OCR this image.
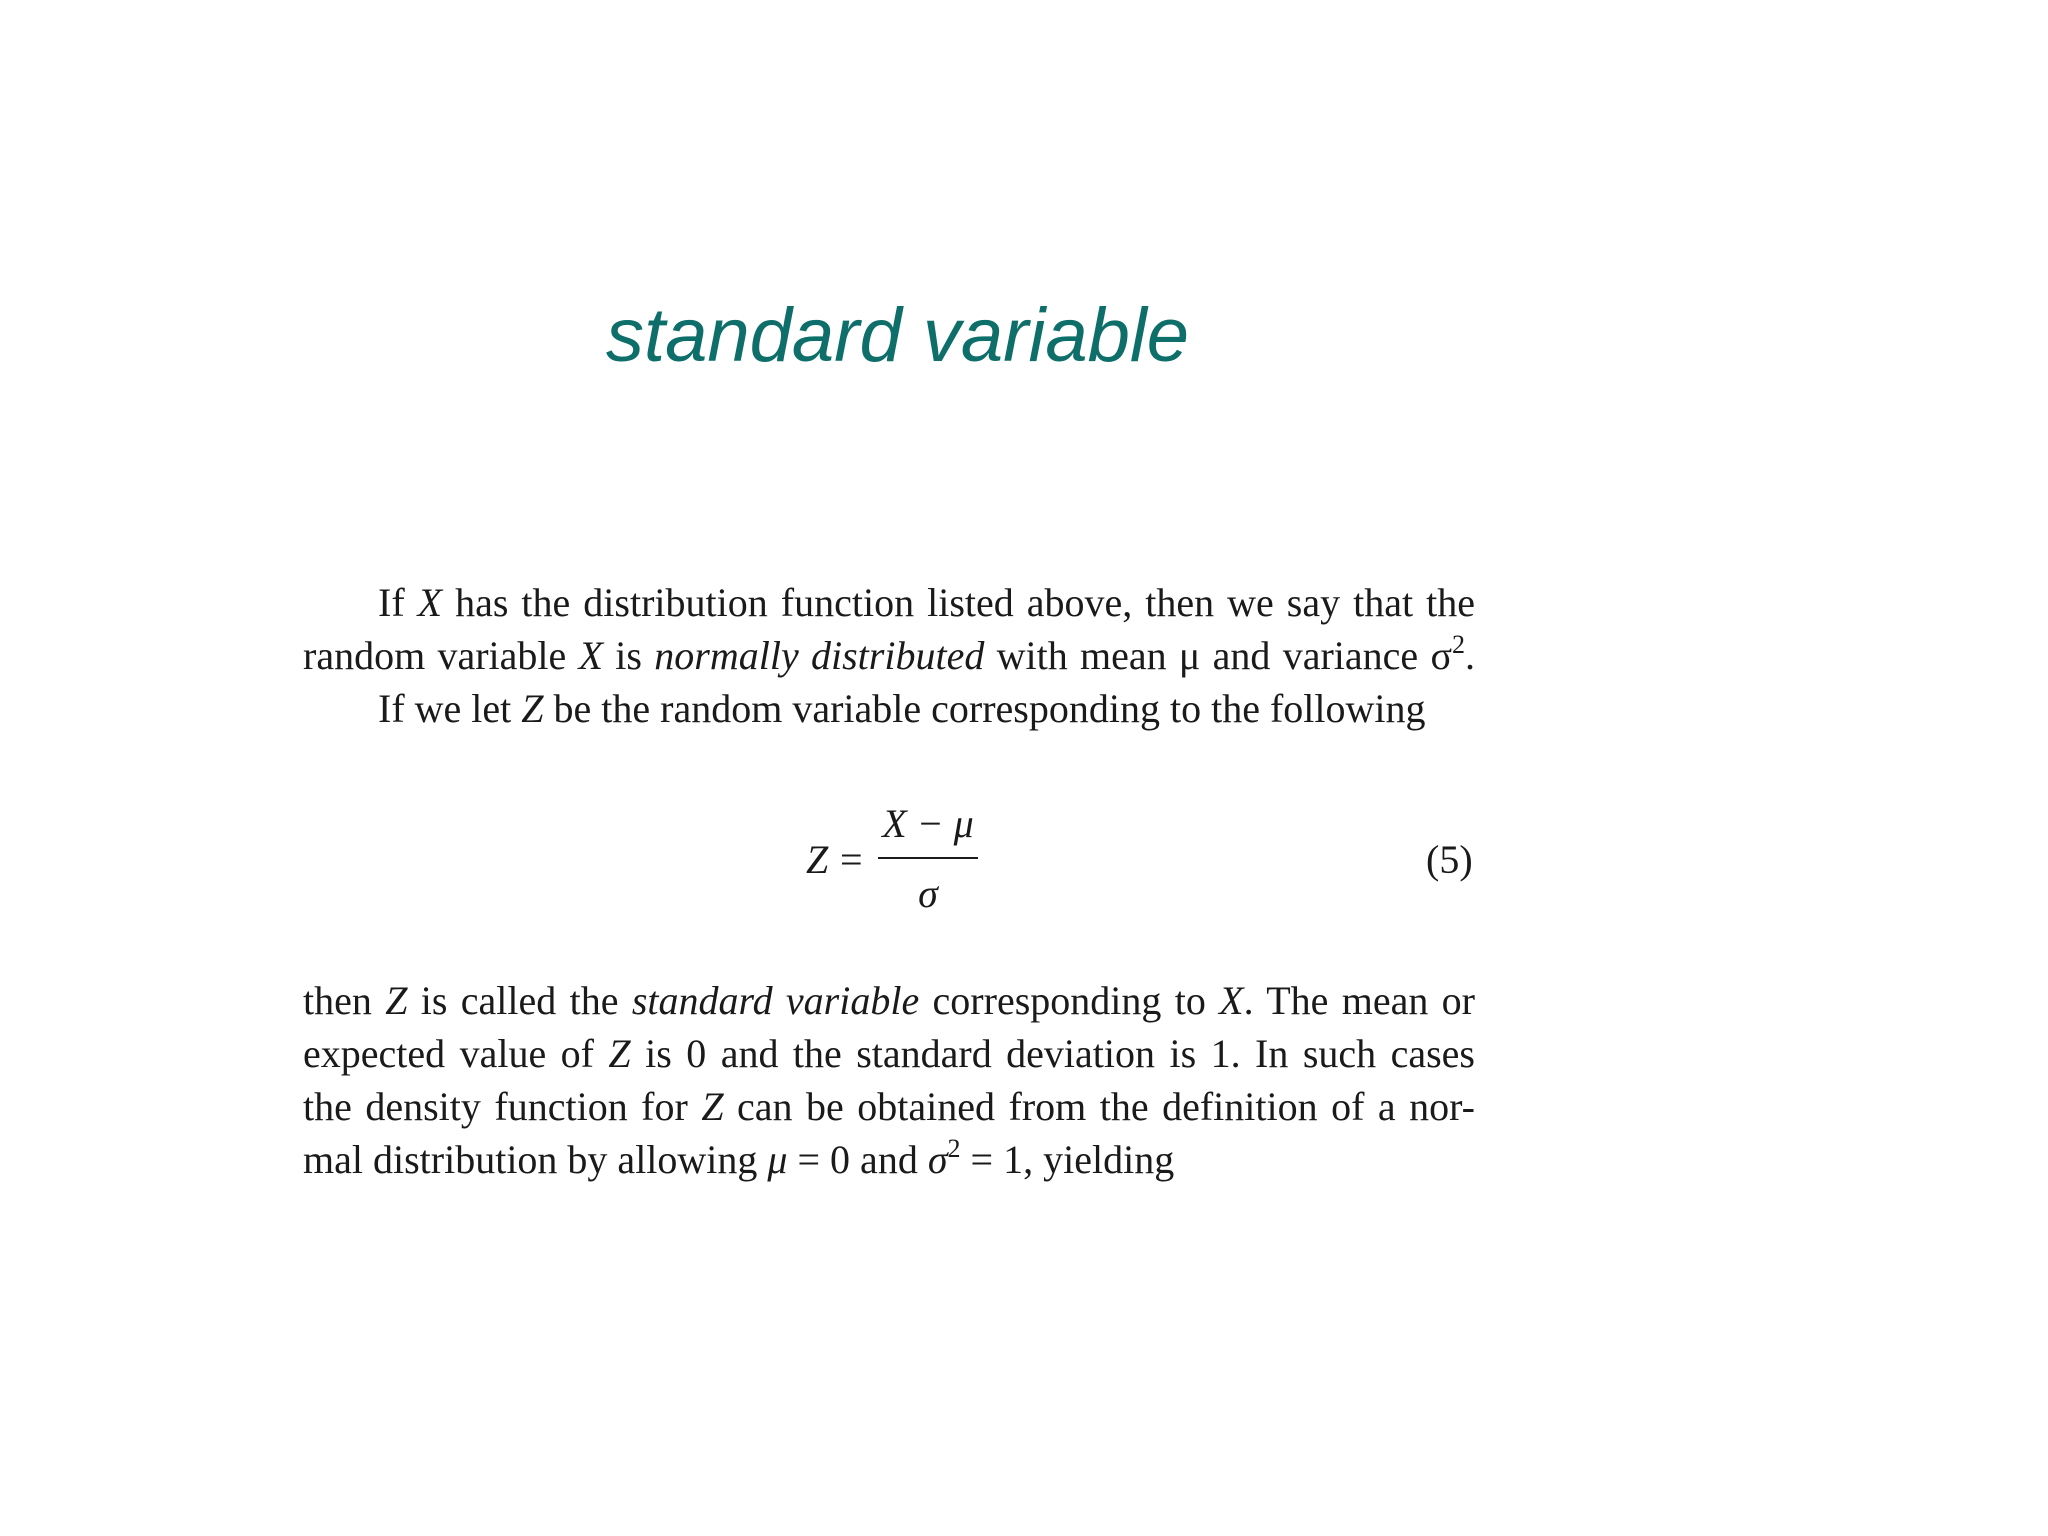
standard variable
If X has the distribution function listed above, then we say that the
random variable X is normally distributed with mean μ and variance $\sigma^2$.
If we let Z be the random variable corresponding to the following
Z =
X − μ
σ
(5)
then Z is called the standard variable corresponding to X. The mean or
expected value of Z is 0 and the standard deviation is 1. In such cases
the density function for Z can be obtained from the definition of a nor-
mal distribution by allowing μ = 0 and $\sigma^2 = 1$, yielding
